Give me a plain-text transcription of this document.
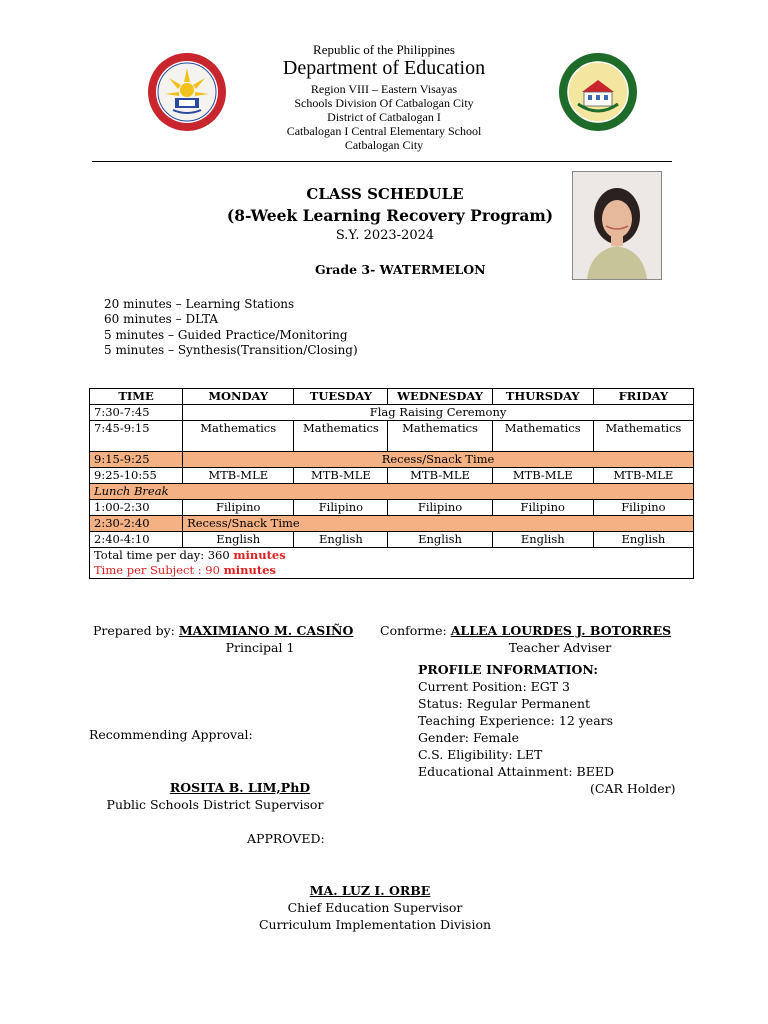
Republic of the Philippines
Department of Education
Region VIII – Eastern Visayas
Schools Division Of Catbalogan City
District of Catbalogan I
Catbalogan I Central Elementary School
Catbalogan City
CLASS SCHEDULE
(8-Week Learning Recovery Program)
S.Y. 2023-2024
Grade 3- WATERMELON
20 minutes – Learning Stations
60 minutes – DLTA
5 minutes – Guided Practice/Monitoring
5 minutes – Synthesis(Transition/Closing)
TIME	MONDAY	TUESDAY	WEDNESDAY	THURSDAY	FRIDAY
7:30-7:45	Flag Raising Ceremony				
7:45-9:15	Mathematics	Mathematics	Mathematics	Mathematics	Mathematics
9:15-9:25	Recess/Snack Time				
9:25-10:55	MTB-MLE	MTB-MLE	MTB-MLE	MTB-MLE	MTB-MLE
Lunch Break					
1:00-2:30	Filipino	Filipino	Filipino	Filipino	Filipino
2:30-2:40	Recess/Snack Time				
2:40-4:10	English	English	English	English	English

Total time per day: 360 minutes
Time per Subject : 90 minutes					
Prepared by: MAXIMIANO M. CASIÑO
Principal 1
Conforme: ALLEA LOURDES J. BOTORRES
Teacher Adviser
PROFILE INFORMATION:
Current Position: EGT 3
Status: Regular Permanent
Teaching Experience: 12 years
Gender: Female
C.S. Eligibility: LET
Educational Attainment: BEED
(CAR Holder)
Recommending Approval:
ROSITA B. LIM,PhD
Public Schools District Supervisor
APPROVED:
MA. LUZ I. ORBE
Chief Education Supervisor
Curriculum Implementation Division
